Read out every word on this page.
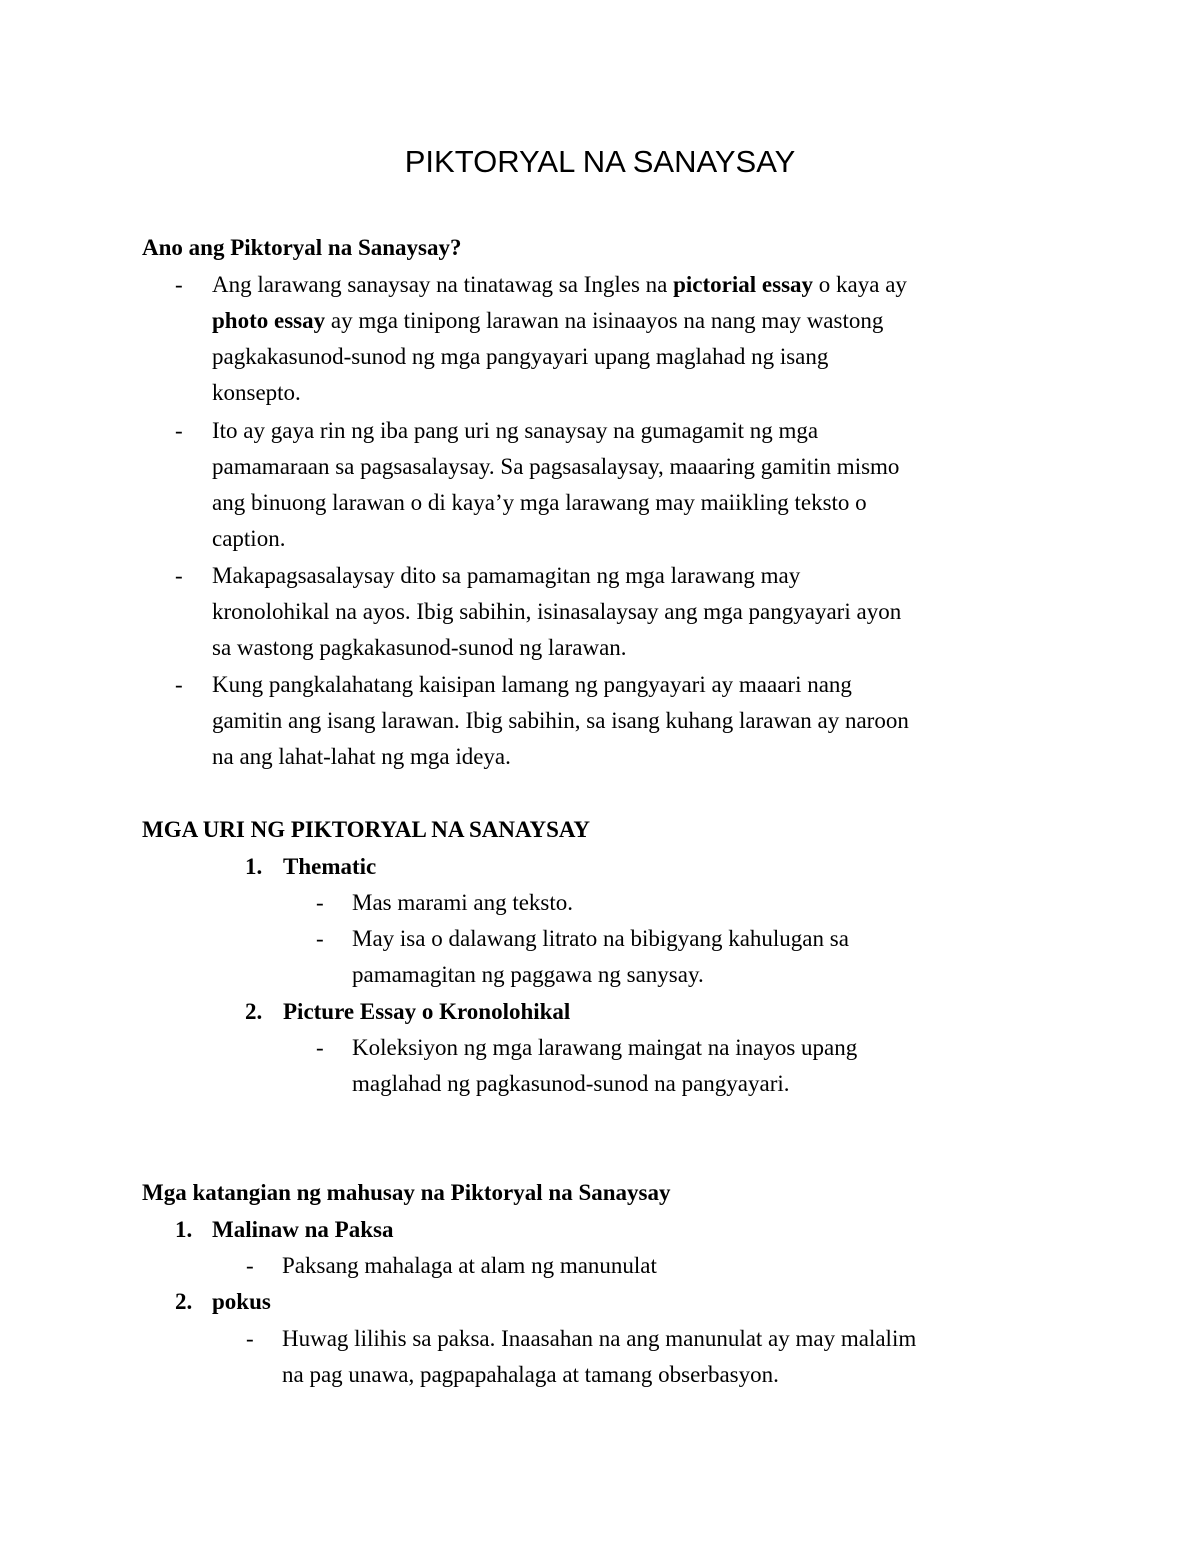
PIKTORYAL NA SANAYSAY
Ano ang Piktoryal na Sanaysay?
- Ang larawang sanaysay na tinatawag sa Ingles na pictorial essay o kaya ay
photo essay ay mga tinipong larawan na isinaayos na nang may wastong
pagkakasunod-sunod ng mga pangyayari upang maglahad ng isang
konsepto.
- Ito ay gaya rin ng iba pang uri ng sanaysay na gumagamit ng mga
pamamaraan sa pagsasalaysay. Sa pagsasalaysay, maaaring gamitin mismo
ang binuong larawan o di kaya’y mga larawang may maiikling teksto o
caption.
- Makapagsasalaysay dito sa pamamagitan ng mga larawang may
kronolohikal na ayos. Ibig sabihin, isinasalaysay ang mga pangyayari ayon
sa wastong pagkakasunod-sunod ng larawan.
- Kung pangkalahatang kaisipan lamang ng pangyayari ay maaari nang
gamitin ang isang larawan. Ibig sabihin, sa isang kuhang larawan ay naroon
na ang lahat-lahat ng mga ideya.
MGA URI NG PIKTORYAL NA SANAYSAY
1. Thematic
- Mas marami ang teksto.
- May isa o dalawang litrato na bibigyang kahulugan sa
pamamagitan ng paggawa ng sanysay.
2. Picture Essay o Kronolohikal
- Koleksiyon ng mga larawang maingat na inayos upang
maglahad ng pagkasunod-sunod na pangyayari.
Mga katangian ng mahusay na Piktoryal na Sanaysay
1. Malinaw na Paksa
- Paksang mahalaga at alam ng manunulat
2. pokus
- Huwag lilihis sa paksa. Inaasahan na ang manunulat ay may malalim
na pag unawa, pagpapahalaga at tamang obserbasyon.
